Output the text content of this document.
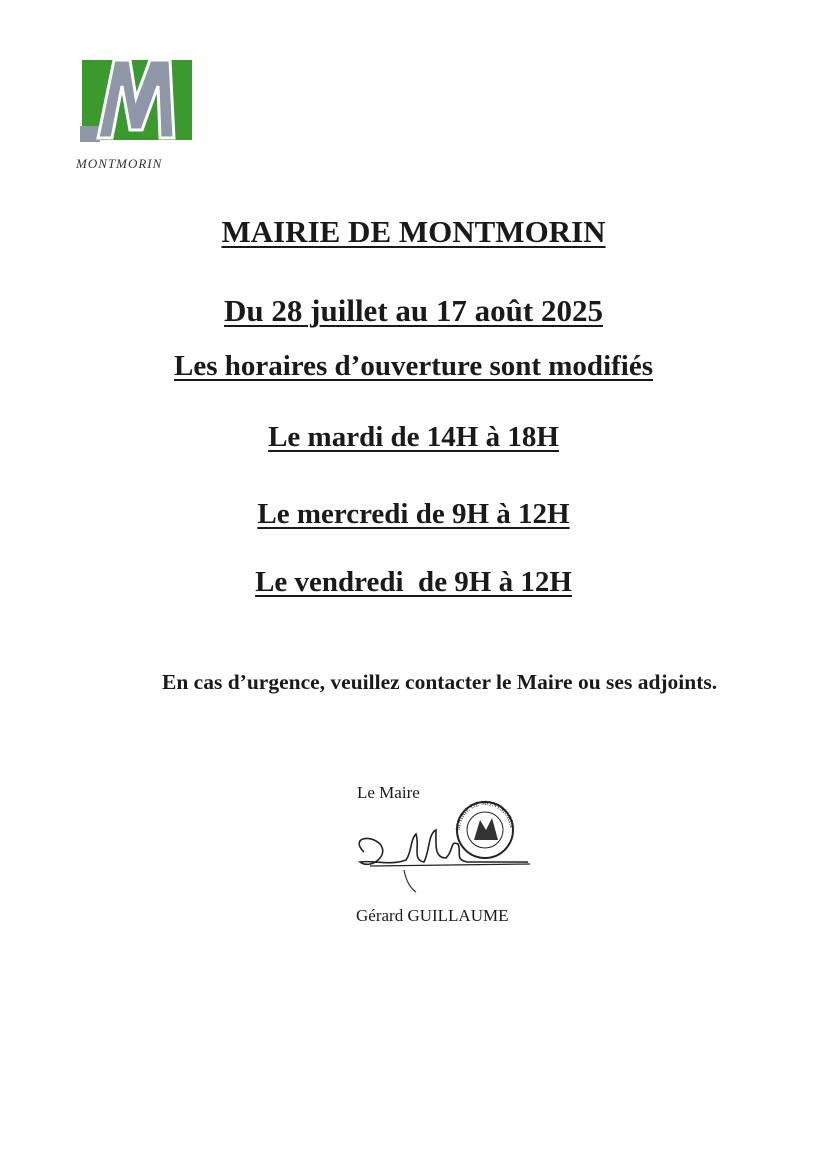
MONTMORIN
MAIRIE DE MONTMORIN
Du 28 juillet au 17 août 2025
Les horaires d’ouverture sont modifiés
Le mardi de 14H à 18H
Le mercredi de 9H à 12H
Le vendredi  de 9H à 12H
En cas d’urgence, veuillez contacter le Maire ou ses adjoints.
Le Maire
MAIRIE DE MONTMORIN
Gérard GUILLAUME
